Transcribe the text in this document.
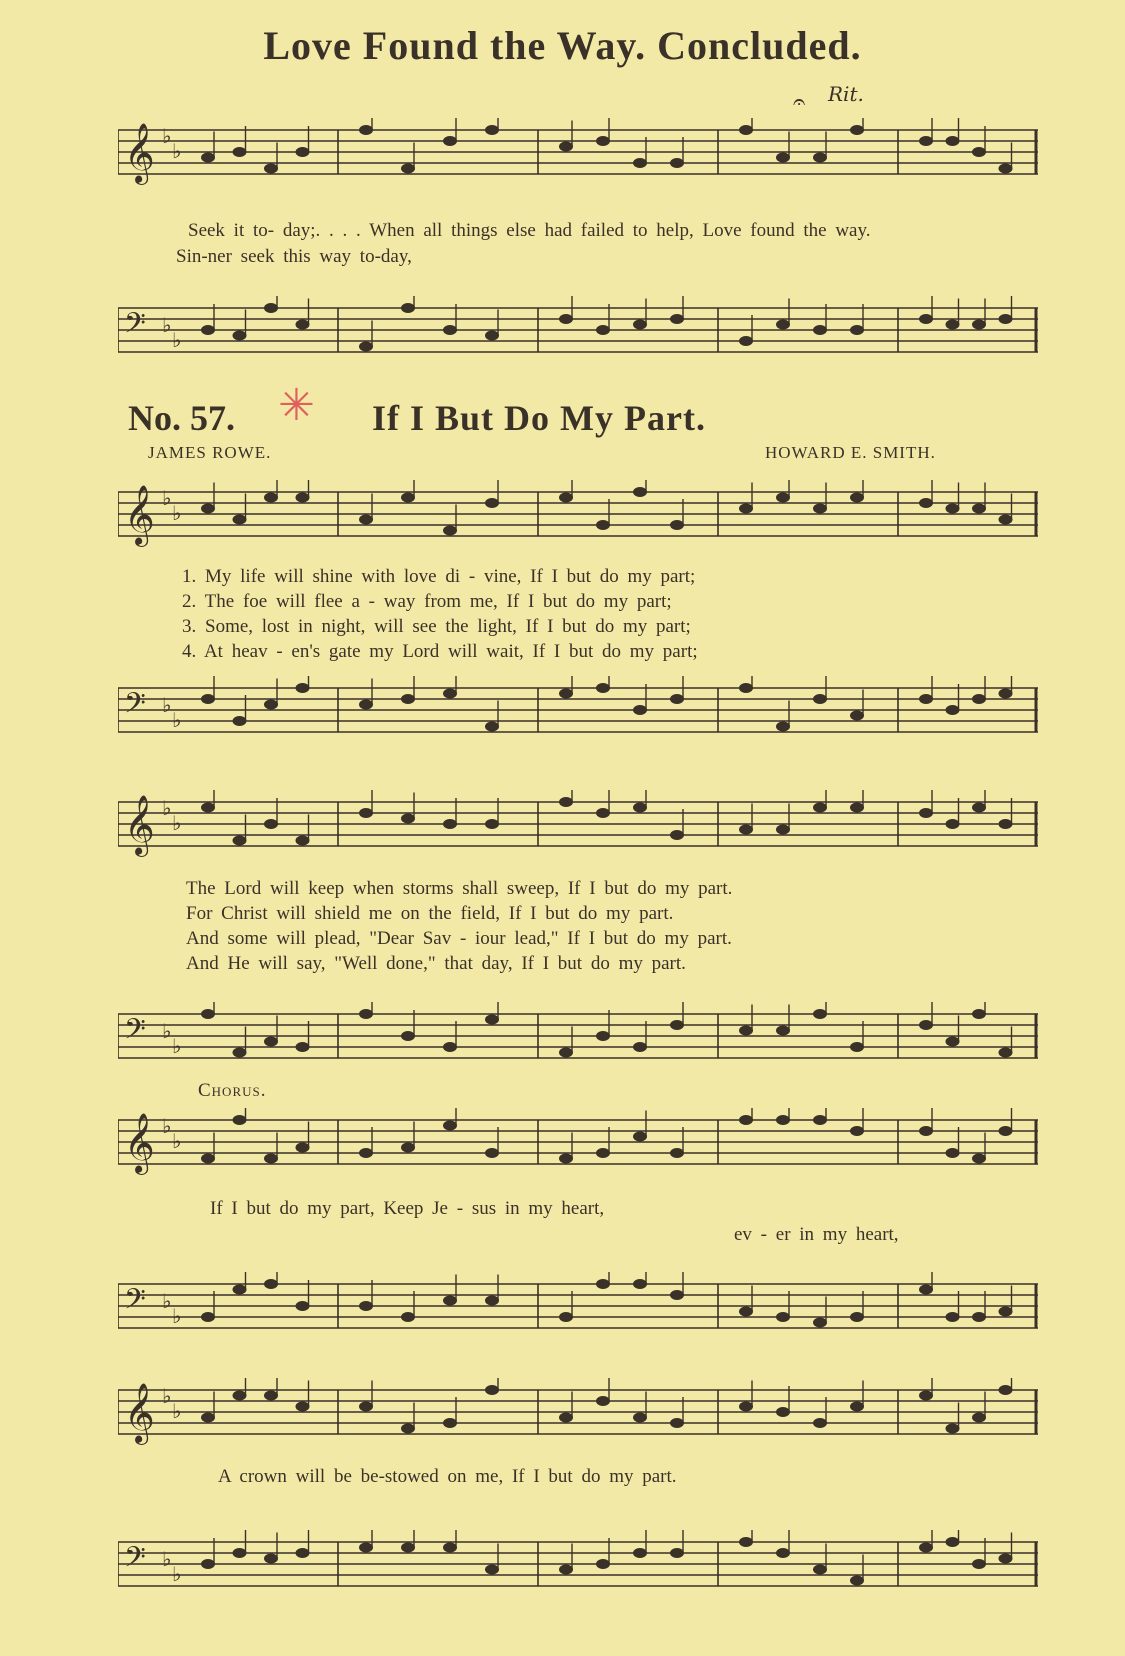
Love Found the Way. Concluded.
Rit.
𝄐
𝄞 ♭
♭
Seek it to- day;. . . . When all things else had failed to help, Love found the way.
Sin-ner seek this way to-day,
𝄢 ♭
♭
No. 57. ✳ If I But Do My Part.
JAMES ROWE.	HOWARD E. SMITH.
𝄞 ♭
♭
1. My life will shine with love di - vine, If I but do my part;
2. The foe will flee a - way from me, If I but do my part;
3. Some, lost in night, will see the light, If I but do my part;
4. At heav - en's gate my Lord will wait, If I but do my part;
𝄢 ♭
♭
𝄞 ♭
♭
The Lord will keep when storms shall sweep, If I but do my part.
For Christ will shield me on the field, If I but do my part.
And some will plead, "Dear Sav - iour lead," If I but do my part.
And He will say, "Well done," that day, If I but do my part.
𝄢 ♭
♭
Chorus.
𝄞 ♭
♭
If I but do my part, Keep Je - sus in my heart,
ev - er in my heart,
𝄢 ♭
♭
𝄞 ♭
♭
A crown will be be-stowed on me, If I but do my part.
𝄢 ♭
♭
